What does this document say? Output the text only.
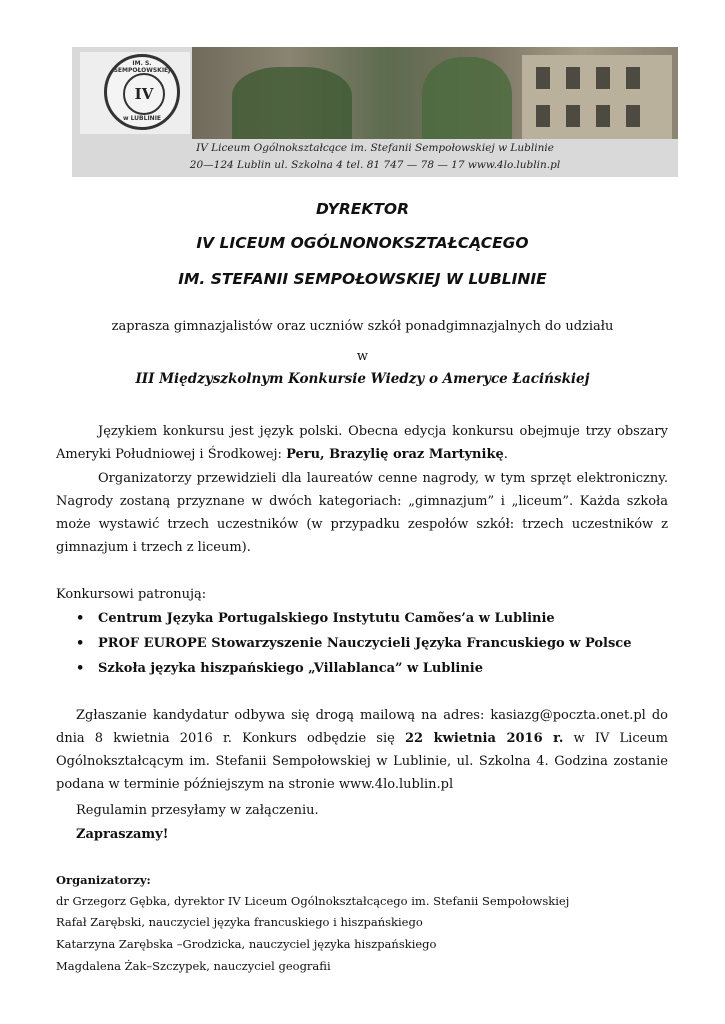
IM. S. SEMPOŁOWSKIEJ
IV
w LUBLINIE
IV Liceum Ogólnokształcące im. Stefanii Sempołowskiej w Lublinie
20—124 Lublin ul. Szkolna 4 tel. 81 747 — 78 — 17 www.4lo.lublin.pl
DYREKTOR
IV LICEUM OGÓLNONOKSZTAŁCĄCEGO
IM. STEFANII SEMPOŁOWSKIEJ W LUBLINIE
zaprasza gimnazjalistów oraz uczniów szkół ponadgimnazjalnych do udziału
w
III Międzyszkolnym Konkursie Wiedzy o Ameryce Łacińskiej
Językiem konkursu jest język polski. Obecna edycja konkursu obejmuje trzy obszary Ameryki Południowej i Środkowej: Peru, Brazylię oraz Martynikę.
Organizatorzy przewidzieli dla laureatów cenne nagrody, w tym sprzęt elektroniczny. Nagrody zostaną przyznane w dwóch kategoriach: „gimnazjum” i „liceum”. Każda szkoła może wystawić trzech uczestników (w przypadku zespołów szkół: trzech uczestników z gimnazjum i trzech z liceum).
Konkursowi patronują:
• Centrum Języka Portugalskiego Instytutu Camões’a w Lublinie
• PROF EUROPE Stowarzyszenie Nauczycieli Języka Francuskiego w Polsce
• Szkoła języka hiszpańskiego „Villablanca” w Lublinie
Zgłaszanie kandydatur odbywa się drogą mailową na adres: kasiazg@poczta.onet.pl do dnia 8 kwietnia 2016 r. Konkurs odbędzie się 22 kwietnia 2016 r. w IV Liceum Ogólnokształcącym im. Stefanii Sempołowskiej w Lublinie, ul. Szkolna 4. Godzina zostanie podana w terminie późniejszym na stronie www.4lo.lublin.pl
Regulamin przesyłamy w załączeniu.
Zapraszamy!
Organizatorzy:
dr Grzegorz Gębka, dyrektor IV Liceum Ogólnokształcącego im. Stefanii Sempołowskiej
Rafał Zarębski, nauczyciel języka francuskiego i hiszpańskiego
Katarzyna Zarębska –Grodzicka, nauczyciel języka hiszpańskiego
Magdalena Żak–Szczypek, nauczyciel geografii
